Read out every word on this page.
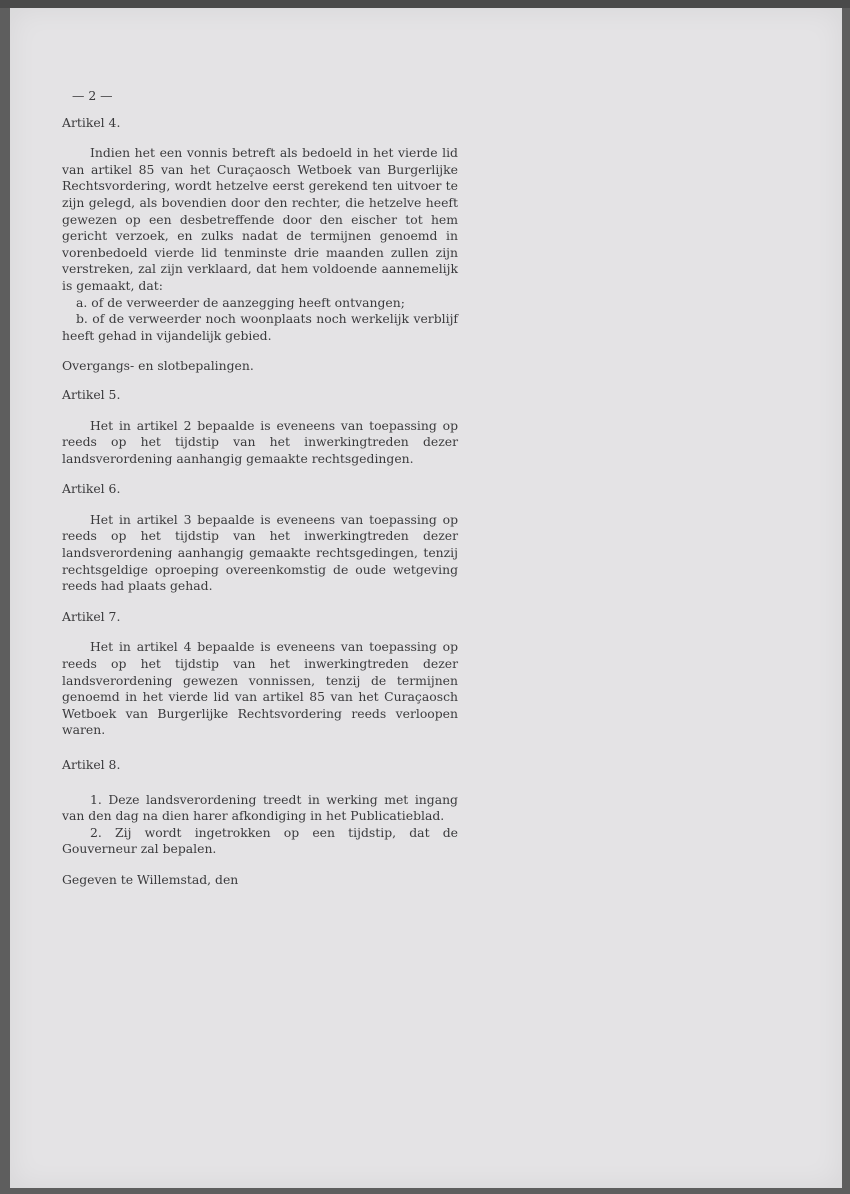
— 2 —

Artikel 4.

Indien het een vonnis betreft als bedoeld in het vierde lid van artikel 85 van het Curaçaosch Wetboek van Burgerlijke Rechtsvordering, wordt hetzelve eerst gerekend ten uitvoer te zijn gelegd, als bovendien door den rechter, die hetzelve heeft gewezen op een desbetreffende door den eischer tot hem gericht verzoek, en zulks nadat de termijnen genoemd in vorenbedoeld vierde lid tenminste drie maanden zullen zijn verstreken, zal zijn verklaard, dat hem voldoende aannemelijk is gemaakt, dat:

a. of de verweerder de aanzegging heeft ontvangen;

b. of de verweerder noch woonplaats noch werkelijk verblijf heeft gehad in vijandelijk gebied.

Overgangs- en slotbepalingen.

Artikel 5.

Het in artikel 2 bepaalde is eveneens van toepassing op reeds op het tijdstip van het inwerkingtreden dezer landsverordening aanhangig gemaakte rechtsgedingen.

Artikel 6.

Het in artikel 3 bepaalde is eveneens van toepassing op reeds op het tijdstip van het inwerkingtreden dezer landsverordening aanhangig gemaakte rechtsgedingen, tenzij rechtsgeldige oproeping overeenkomstig de oude wetgeving reeds had plaats gehad.

Artikel 7.

Het in artikel 4 bepaalde is eveneens van toepassing op reeds op het tijdstip van het inwerkingtreden dezer landsverordening gewezen vonnissen, tenzij de termijnen genoemd in het vierde lid van artikel 85 van het Curaçaosch Wetboek van Burgerlijke Rechtsvordering reeds verloopen waren.

Artikel 8.

1. Deze landsverordening treedt in werking met ingang van den dag na dien harer afkondiging in het Publicatieblad.

2. Zij wordt ingetrokken op een tijdstip, dat de Gouverneur zal bepalen.

Gegeven te Willemstad, den
